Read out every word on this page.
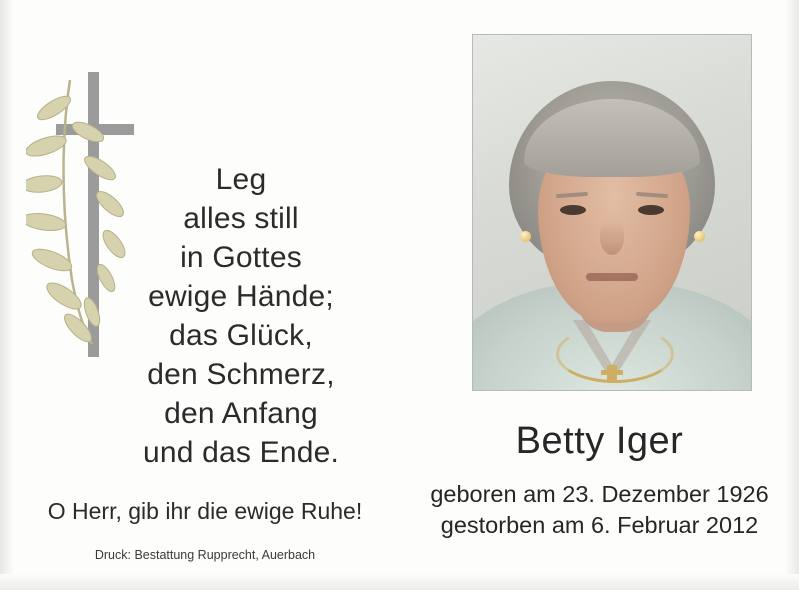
Leg
alles still
in Gottes
ewige Hände;
das Glück,
den Schmerz,
den Anfang
und das Ende.
O Herr, gib ihr die ewige Ruhe!
Druck: Bestattung Rupprecht, Auerbach
Betty Iger
geboren am 23. Dezember 1926
gestorben am 6. Februar 2012
